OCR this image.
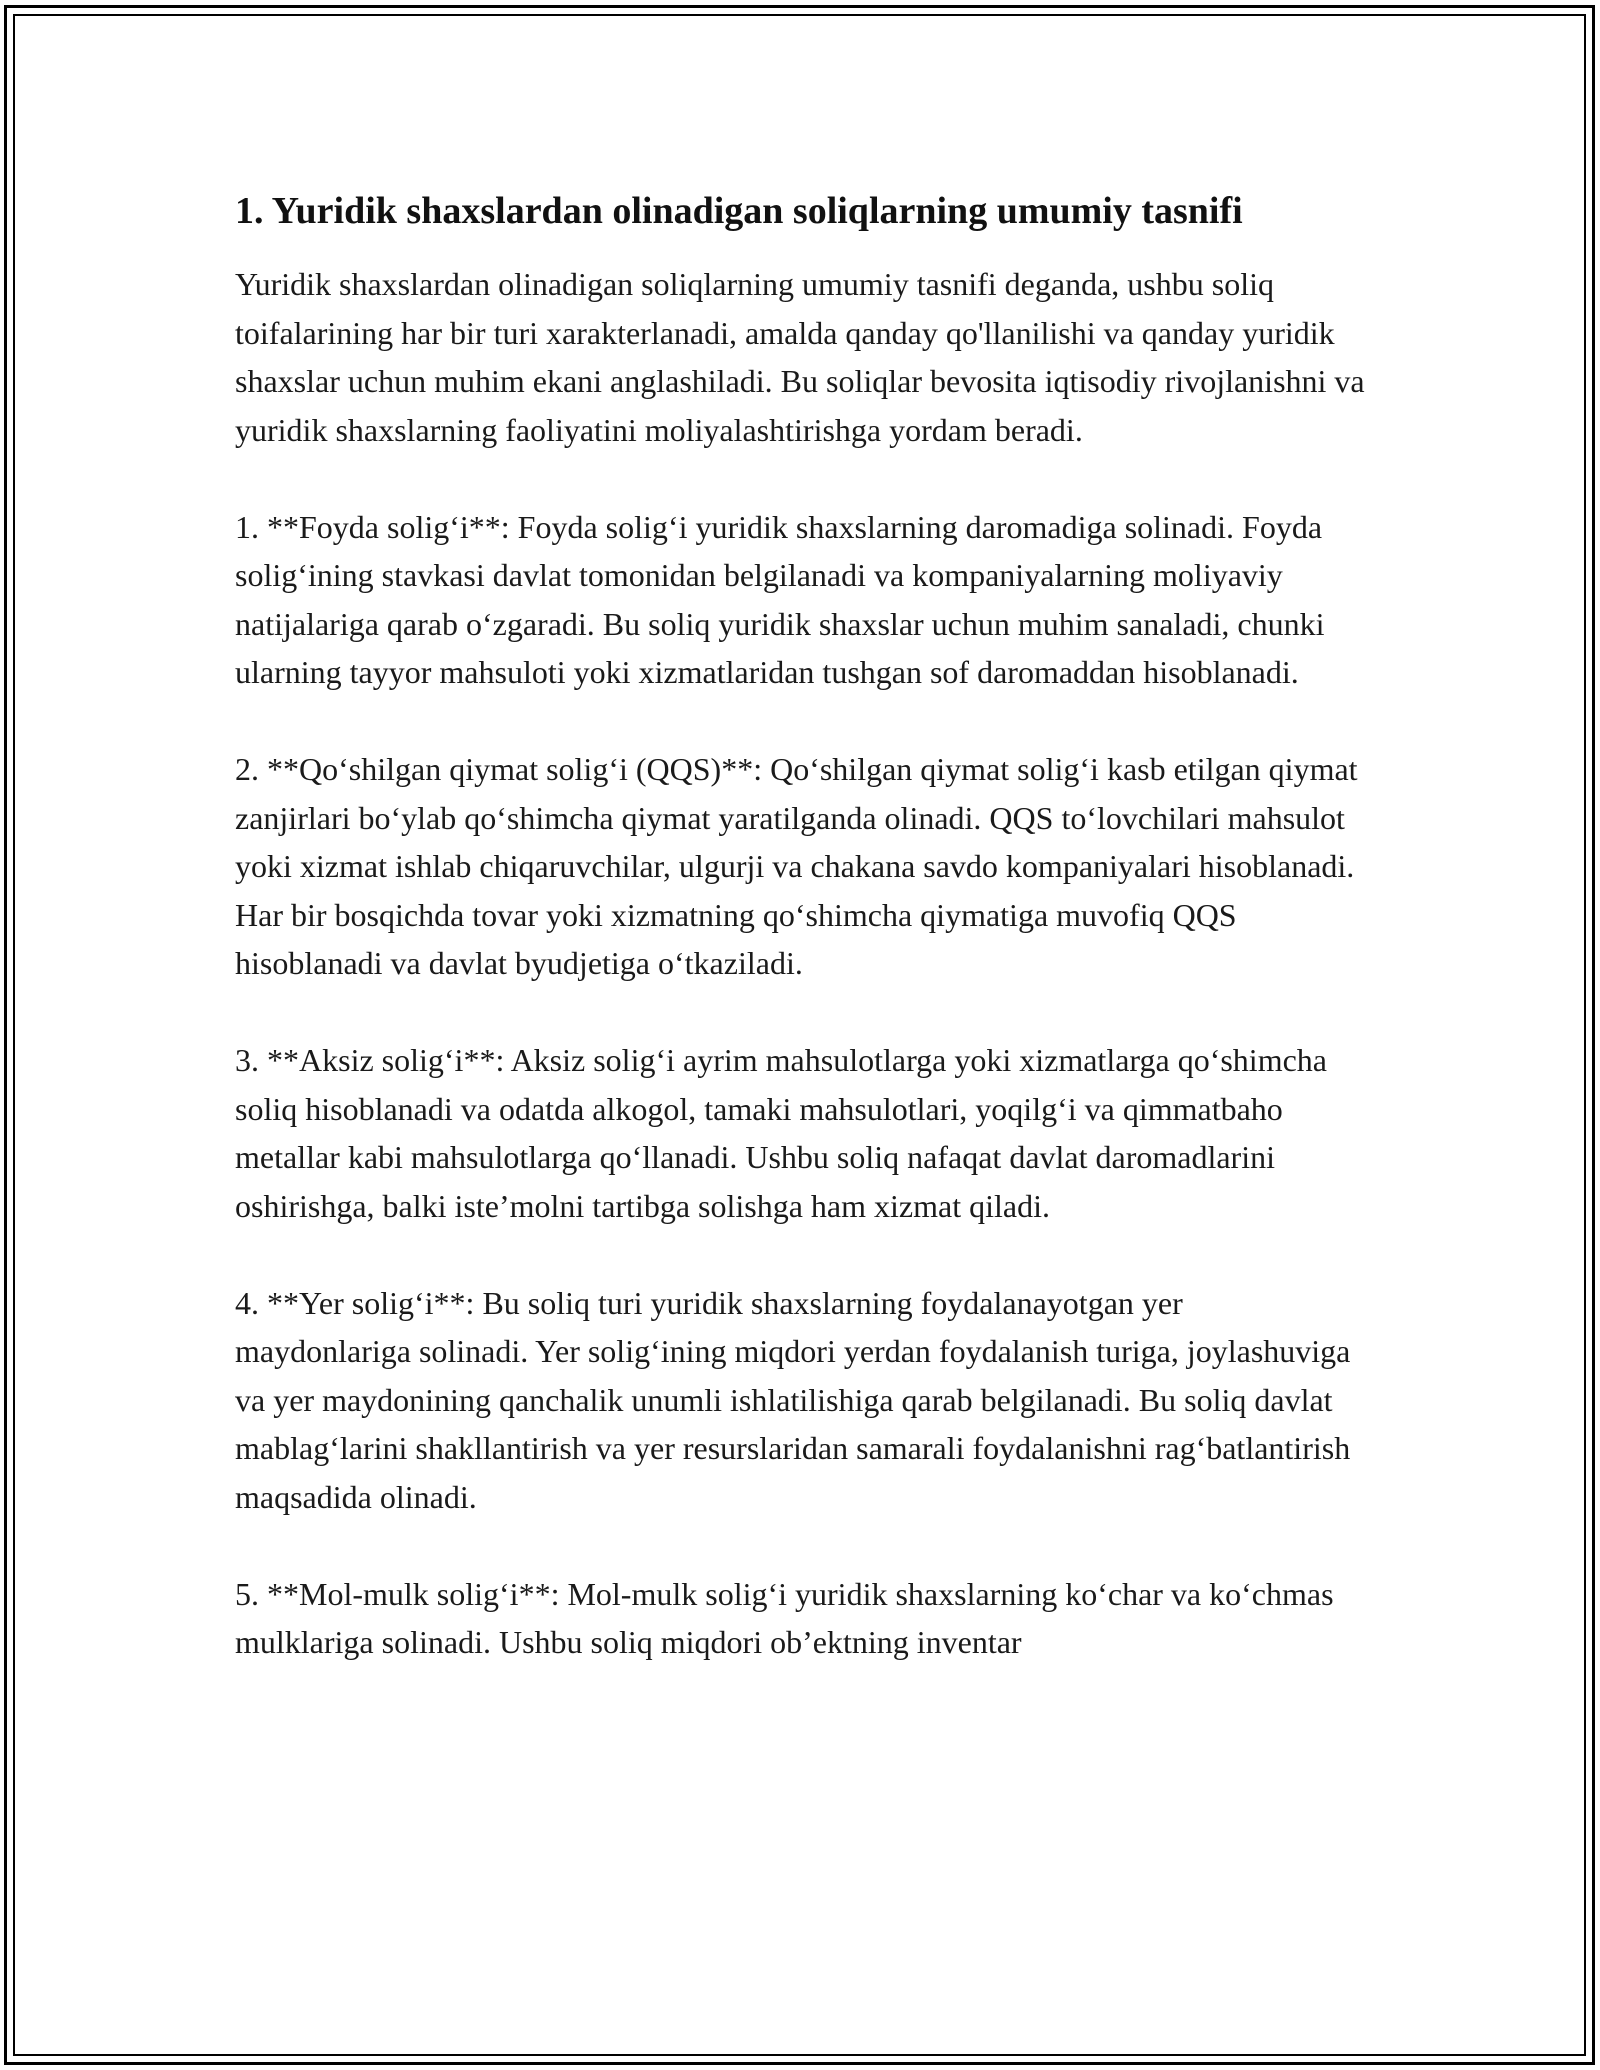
1. Yuridik shaxslardan olinadigan soliqlarning umumiy tasnifi

Yuridik shaxslardan olinadigan soliqlarning umumiy tasnifi deganda, ushbu soliq toifalarining har bir turi xarakterlanadi, amalda qanday qo'llanilishi va qanday yuridik shaxslar uchun muhim ekani anglashiladi. Bu soliqlar bevosita iqtisodiy rivojlanishni va yuridik shaxslarning faoliyatini moliyalashtirishga yordam beradi.

1. **Foyda solig‘i**: Foyda solig‘i yuridik shaxslarning daromadiga solinadi. Foyda solig‘ining stavkasi davlat tomonidan belgilanadi va kompaniyalarning moliyaviy natijalariga qarab o‘zgaradi. Bu soliq yuridik shaxslar uchun muhim sanaladi, chunki ularning tayyor mahsuloti yoki xizmatlaridan tushgan sof daromaddan hisoblanadi.

2. **Qo‘shilgan qiymat solig‘i (QQS)**: Qo‘shilgan qiymat solig‘i kasb etilgan qiymat zanjirlari bo‘ylab qo‘shimcha qiymat yaratilganda olinadi. QQS to‘lovchilari mahsulot yoki xizmat ishlab chiqaruvchilar, ulgurji va chakana savdo kompaniyalari hisoblanadi. Har bir bosqichda tovar yoki xizmatning qo‘shimcha qiymatiga muvofiq QQS hisoblanadi va davlat byudjetiga o‘tkaziladi.

3. **Aksiz solig‘i**: Aksiz solig‘i ayrim mahsulotlarga yoki xizmatlarga qo‘shimcha soliq hisoblanadi va odatda alkogol, tamaki mahsulotlari, yoqilg‘i va qimmatbaho metallar kabi mahsulotlarga qo‘llanadi. Ushbu soliq nafaqat davlat daromadlarini oshirishga, balki iste’molni tartibga solishga ham xizmat qiladi.

4. **Yer solig‘i**: Bu soliq turi yuridik shaxslarning foydalanayotgan yer maydonlariga solinadi. Yer solig‘ining miqdori yerdan foydalanish turiga, joylashuviga va yer maydonining qanchalik unumli ishlatilishiga qarab belgilanadi. Bu soliq davlat mablag‘larini shakllantirish va yer resurslaridan samarali foydalanishni rag‘batlantirish maqsadida olinadi.

5. **Mol-mulk solig‘i**: Mol-mulk solig‘i yuridik shaxslarning ko‘char va ko‘chmas mulklariga solinadi. Ushbu soliq miqdori ob’ektning inventar
